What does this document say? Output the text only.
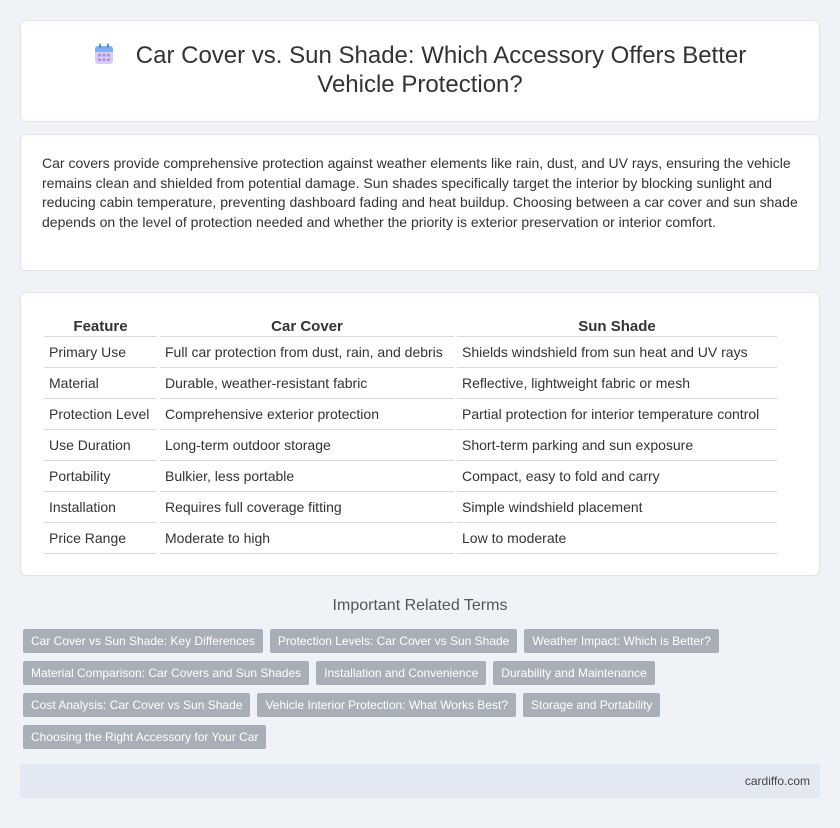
Car Cover vs. Sun Shade: Which Accessory Offers Better Vehicle Protection?

Car covers provide comprehensive protection against weather elements like rain, dust, and UV rays, ensuring the vehicle remains clean and shielded from potential damage. Sun shades specifically target the interior by blocking sunlight and reducing cabin temperature, preventing dashboard fading and heat buildup. Choosing between a car cover and sun shade depends on the level of protection needed and whether the priority is exterior preservation or interior comfort.

Feature	Car Cover	Sun Shade
Primary Use	Full car protection from dust, rain, and debris	Shields windshield from sun heat and UV rays
Material	Durable, weather-resistant fabric	Reflective, lightweight fabric or mesh
Protection Level	Comprehensive exterior protection	Partial protection for interior temperature control
Use Duration	Long-term outdoor storage	Short-term parking and sun exposure
Portability	Bulkier, less portable	Compact, easy to fold and carry
Installation	Requires full coverage fitting	Simple windshield placement
Price Range	Moderate to high	Low to moderate
Important Related Terms
Car Cover vs Sun Shade: Key Differences	Protection Levels: Car Cover vs Sun Shade	Weather Impact: Which is Better?
Material Comparison: Car Covers and Sun Shades	Installation and Convenience	Durability and Maintenance
Cost Analysis: Car Cover vs Sun Shade	Vehicle Interior Protection: What Works Best?	Storage and Portability
Choosing the Right Accessory for Your Car
cardiffo.com
